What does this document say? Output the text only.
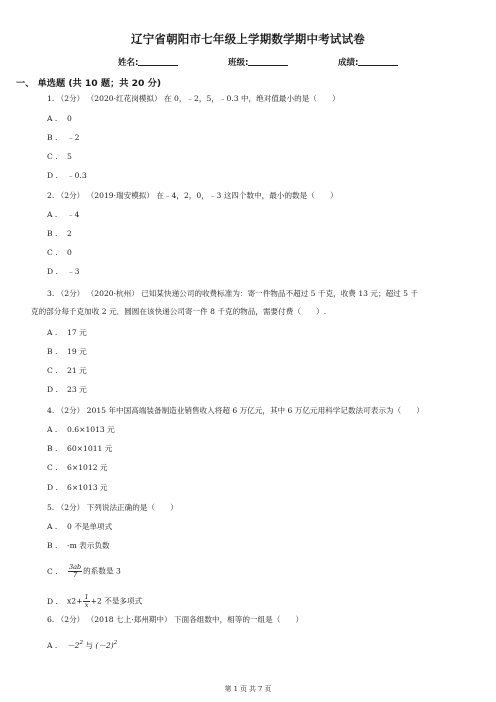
辽宁省朝阳市七年级上学期数学期中考试试卷
姓名:	班级:	成绩:
一、 单选题 (共 10 题；共 20 分)
1. （2分） （2020·红花岗模拟） 在 0，﹣2，5，﹣0.3 中，绝对值最小的是（　　）
A . 0
B . ﹣2
C . 5
D . ﹣0.3
2. （2分） （2019·瑞安模拟） 在﹣4，2，0，﹣3 这四个数中，最小的数是（　　）
A . ﹣4
B . 2
C . 0
D . ﹣3
3. （2分） （2020·杭州） 已知某快递公司的收费标准为：寄一件物品不超过 5 千克，收费 13 元；超过 5 千
克的部分每千克加收 2 元．圆圆在该快递公司寄一件 8 千克的物品，需要付费（　　）.
A . 17 元
B . 19 元
C . 21 元
D . 23 元
4. （2分） 2015 年中国高端装备制造业销售收入将超 6 万亿元，其中 6 万亿元用科学记数法可表示为（　　）
A . 0.6×1013 元
B . 60×1011 元
C . 6×1012 元
D . 6×1013 元
5. （2分） 下列说法正确的是（　　）
A . 0 不是单项式
B . -m 表示负数
C . $\frac{3ab}{7}$ 的系数是 3
D . $x2+ \frac{1}{x} +2$ 不是多项式
6. （2分） （2018 七上·郑州期中） 下面各组数中，相等的一组是（　　）
A . $-2^2$ 与 $(-2)^2$
第 1 页 共 7 页
